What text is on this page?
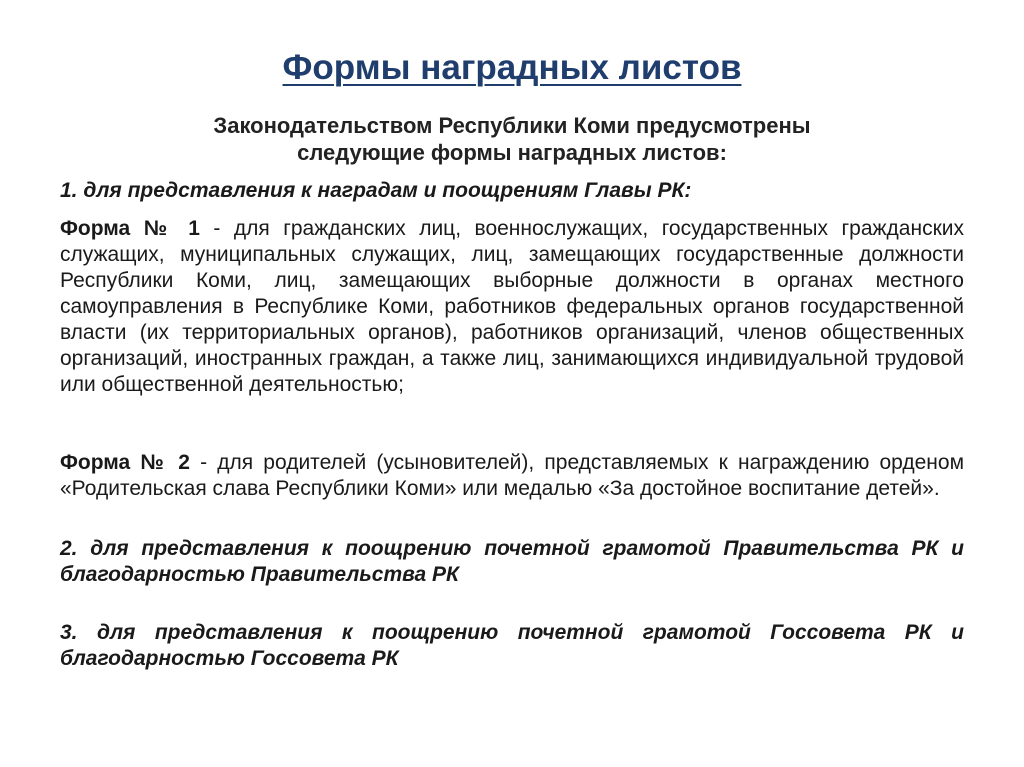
Формы наградных листов
Законодательством Республики Коми предусмотрены
следующие формы наградных листов:
1. для представления к наградам и поощрениям Главы РК:
Форма № 1 - для гражданских лиц, военнослужащих, государственных гражданских служащих, муниципальных служащих, лиц, замещающих государственные должности Республики Коми, лиц, замещающих выборные должности в органах местного самоуправления в Республике Коми, работников федеральных органов государственной власти (их территориальных органов), работников организаций, членов общественных организаций, иностранных граждан, а также лиц, занимающихся индивидуальной трудовой или общественной деятельностью;
Форма № 2 - для родителей (усыновителей), представляемых к награждению орденом «Родительская слава Республики Коми» или медалью «За достойное воспитание детей».
2. для представления к поощрению почетной грамотой Правительства РК и благодарностью Правительства РК
3. для представления к поощрению почетной грамотой Госсовета РК и благодарностью Госсовета РК
